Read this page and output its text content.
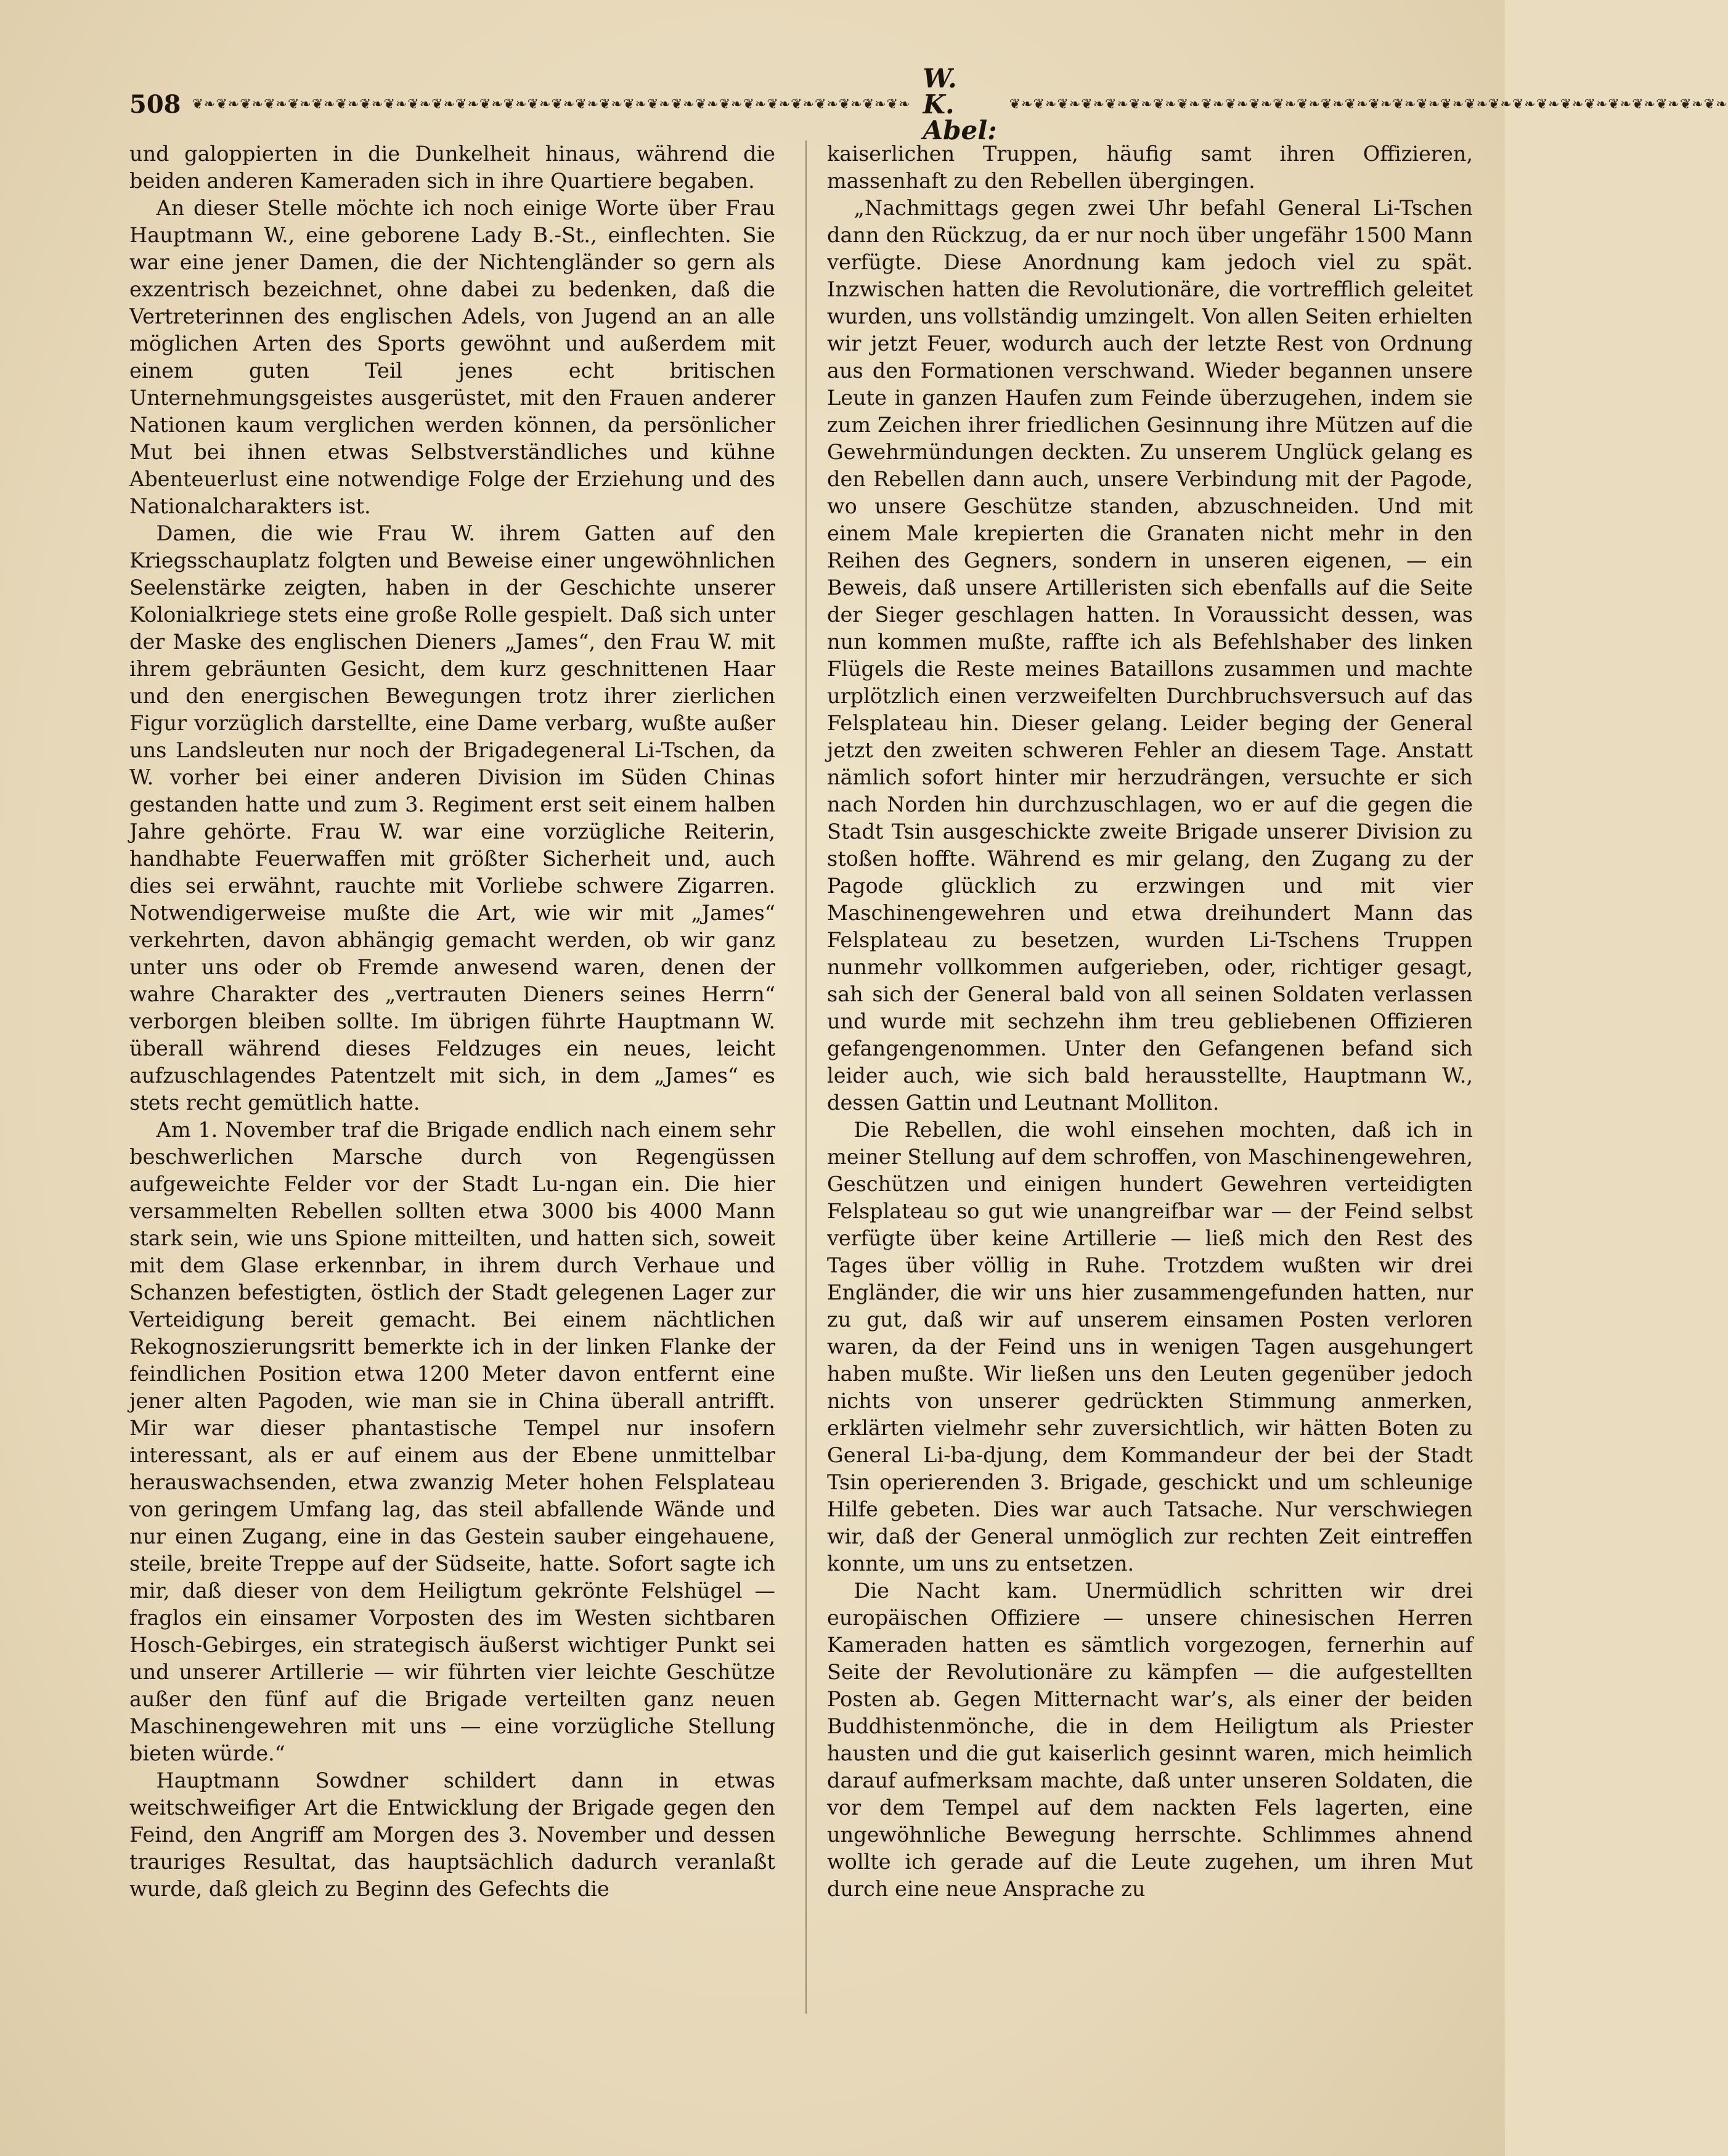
508 ❦❧❦❧❦❧❦❧❦❧❦❧❦❧❦❧❦❧❦❧❦❧❦❧❦❧❦❧❦❧❦❧❦❧❦❧❦❧❦❧❦❧❦❧❦❧❦❧❦❧❦❧❦❧❦❧❦❧❦❧
W. K. Abel:
❦❧❦❧❦❧❦❧❦❧❦❧❦❧❦❧❦❧❦❧❦❧❦❧❦❧❦❧❦❧❦❧❦❧❦❧❦❧❦❧❦❧❦❧❦❧❦❧❦❧❦❧❦❧❦❧❦❧❦❧

und galoppierten in die Dunkelheit hinaus, während die beiden anderen Kameraden sich in ihre Quartiere begaben.

An dieser Stelle möchte ich noch einige Worte über Frau Hauptmann W., eine geborene Lady B.-St., einflechten. Sie war eine jener Damen, die der Nichtengländer so gern als exzentrisch bezeichnet, ohne dabei zu bedenken, daß die Vertreterinnen des englischen Adels, von Jugend an an alle möglichen Arten des Sports gewöhnt und außerdem mit einem guten Teil jenes echt britischen Unternehmungsgeistes ausgerüstet, mit den Frauen anderer Nationen kaum verglichen werden können, da persönlicher Mut bei ihnen etwas Selbstverständliches und kühne Abenteuerlust eine notwendige Folge der Erziehung und des Nationalcharakters ist.

Damen, die wie Frau W. ihrem Gatten auf den Kriegsschauplatz folgten und Beweise einer ungewöhnlichen Seelenstärke zeigten, haben in der Geschichte unserer Kolonialkriege stets eine große Rolle gespielt. Daß sich unter der Maske des englischen Dieners „James“, den Frau W. mit ihrem gebräunten Gesicht, dem kurz geschnittenen Haar und den energischen Bewegungen trotz ihrer zierlichen Figur vorzüglich darstellte, eine Dame verbarg, wußte außer uns Landsleuten nur noch der Brigadegeneral Li-Tschen, da W. vorher bei einer anderen Division im Süden Chinas gestanden hatte und zum 3. Regiment erst seit einem halben Jahre gehörte. Frau W. war eine vorzügliche Reiterin, handhabte Feuerwaffen mit größter Sicherheit und, auch dies sei erwähnt, rauchte mit Vorliebe schwere Zigarren. Notwendigerweise mußte die Art, wie wir mit „James“ verkehrten, davon abhängig gemacht werden, ob wir ganz unter uns oder ob Fremde anwesend waren, denen der wahre Charakter des „vertrauten Dieners seines Herrn“ verborgen bleiben sollte. Im übrigen führte Hauptmann W. überall während dieses Feldzuges ein neues, leicht aufzuschlagendes Patentzelt mit sich, in dem „James“ es stets recht gemütlich hatte.

Am 1. November traf die Brigade endlich nach einem sehr beschwerlichen Marsche durch von Regengüssen aufgeweichte Felder vor der Stadt Lu-ngan ein. Die hier versammelten Rebellen sollten etwa 3000 bis 4000 Mann stark sein, wie uns Spione mitteilten, und hatten sich, soweit mit dem Glase erkennbar, in ihrem durch Verhaue und Schanzen befestigten, östlich der Stadt gelegenen Lager zur Verteidigung bereit gemacht. Bei einem nächtlichen Rekognoszierungsritt bemerkte ich in der linken Flanke der feindlichen Position etwa 1200 Meter davon entfernt eine jener alten Pagoden, wie man sie in China überall antrifft. Mir war dieser phantastische Tempel nur insofern interessant, als er auf einem aus der Ebene unmittelbar herauswachsenden, etwa zwanzig Meter hohen Felsplateau von geringem Umfang lag, das steil abfallende Wände und nur einen Zugang, eine in das Gestein sauber eingehauene, steile, breite Treppe auf der Südseite, hatte. Sofort sagte ich mir, daß dieser von dem Heiligtum gekrönte Felshügel — fraglos ein einsamer Vorposten des im Westen sichtbaren Hosch-Gebirges, ein strategisch äußerst wichtiger Punkt sei und unserer Artillerie — wir führten vier leichte Geschütze außer den fünf auf die Brigade verteilten ganz neuen Maschinengewehren mit uns — eine vorzügliche Stellung bieten würde.“

Hauptmann Sowdner schildert dann in etwas weitschweifiger Art die Entwicklung der Brigade gegen den Feind, den Angriff am Morgen des 3. November und dessen trauriges Resultat, das hauptsächlich dadurch veranlaßt wurde, daß gleich zu Beginn des Gefechts die

kaiserlichen Truppen, häufig samt ihren Offizieren, massenhaft zu den Rebellen übergingen.

„Nachmittags gegen zwei Uhr befahl General Li-Tschen dann den Rückzug, da er nur noch über ungefähr 1500 Mann verfügte. Diese Anordnung kam jedoch viel zu spät. Inzwischen hatten die Revolutionäre, die vortrefflich geleitet wurden, uns vollständig umzingelt. Von allen Seiten erhielten wir jetzt Feuer, wodurch auch der letzte Rest von Ordnung aus den Formationen verschwand. Wieder begannen unsere Leute in ganzen Haufen zum Feinde überzugehen, indem sie zum Zeichen ihrer friedlichen Gesinnung ihre Mützen auf die Gewehrmündungen deckten. Zu unserem Unglück gelang es den Rebellen dann auch, unsere Verbindung mit der Pagode, wo unsere Geschütze standen, abzuschneiden. Und mit einem Male krepierten die Granaten nicht mehr in den Reihen des Gegners, sondern in unseren eigenen, — ein Beweis, daß unsere Artilleristen sich ebenfalls auf die Seite der Sieger geschlagen hatten. In Voraussicht dessen, was nun kommen mußte, raffte ich als Befehlshaber des linken Flügels die Reste meines Bataillons zusammen und machte urplötzlich einen verzweifelten Durchbruchsversuch auf das Felsplateau hin. Dieser gelang. Leider beging der General jetzt den zweiten schweren Fehler an diesem Tage. Anstatt nämlich sofort hinter mir herzudrängen, versuchte er sich nach Norden hin durchzuschlagen, wo er auf die gegen die Stadt Tsin ausgeschickte zweite Brigade unserer Division zu stoßen hoffte. Während es mir gelang, den Zugang zu der Pagode glücklich zu erzwingen und mit vier Maschinengewehren und etwa dreihundert Mann das Felsplateau zu besetzen, wurden Li-Tschens Truppen nunmehr vollkommen aufgerieben, oder, richtiger gesagt, sah sich der General bald von all seinen Soldaten verlassen und wurde mit sechzehn ihm treu gebliebenen Offizieren gefangengenommen. Unter den Gefangenen befand sich leider auch, wie sich bald herausstellte, Hauptmann W., dessen Gattin und Leutnant Molliton.

Die Rebellen, die wohl einsehen mochten, daß ich in meiner Stellung auf dem schroffen, von Maschinengewehren, Geschützen und einigen hundert Gewehren verteidigten Felsplateau so gut wie unangreifbar war — der Feind selbst verfügte über keine Artillerie — ließ mich den Rest des Tages über völlig in Ruhe. Trotzdem wußten wir drei Engländer, die wir uns hier zusammengefunden hatten, nur zu gut, daß wir auf unserem einsamen Posten verloren waren, da der Feind uns in wenigen Tagen ausgehungert haben mußte. Wir ließen uns den Leuten gegenüber jedoch nichts von unserer gedrückten Stimmung anmerken, erklärten vielmehr sehr zuversichtlich, wir hätten Boten zu General Li-ba-djung, dem Kommandeur der bei der Stadt Tsin operierenden 3. Brigade, geschickt und um schleunige Hilfe gebeten. Dies war auch Tatsache. Nur verschwiegen wir, daß der General unmöglich zur rechten Zeit eintreffen konnte, um uns zu entsetzen.

Die Nacht kam. Unermüdlich schritten wir drei europäischen Offiziere — unsere chinesischen Herren Kameraden hatten es sämtlich vorgezogen, fernerhin auf Seite der Revolutionäre zu kämpfen — die aufgestellten Posten ab. Gegen Mitternacht war’s, als einer der beiden Buddhistenmönche, die in dem Heiligtum als Priester hausten und die gut kaiserlich gesinnt waren, mich heimlich darauf aufmerksam machte, daß unter unseren Soldaten, die vor dem Tempel auf dem nackten Fels lagerten, eine ungewöhnliche Bewegung herrschte. Schlimmes ahnend wollte ich gerade auf die Leute zugehen, um ihren Mut durch eine neue Ansprache zu
